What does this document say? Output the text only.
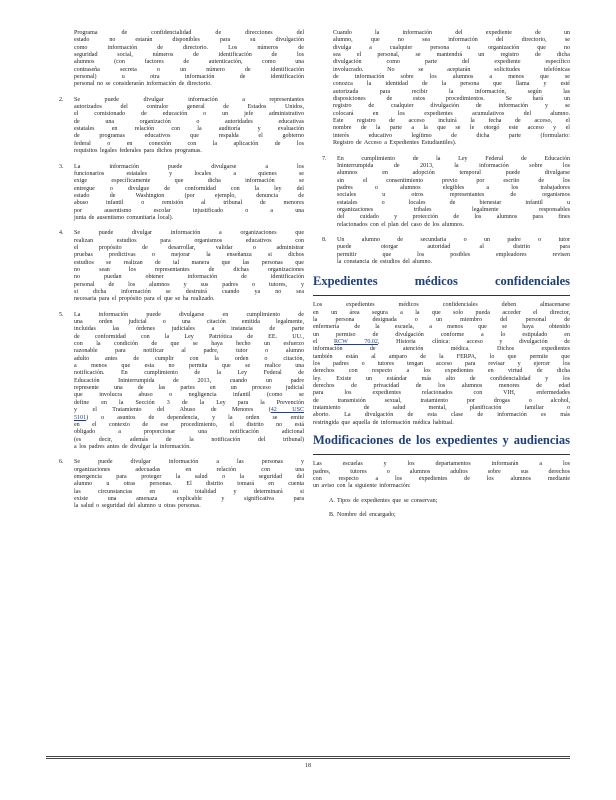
Programa de confidencialidad de direcciones del

estado no estarán disponibles para su divulgación

como información de directorio. Los números de

seguridad social, números de identificación de los

alumnos (con factores de autenticación, como una

contraseña secreta o un número de identificación

personal) u otra información de identificación

personal no se considerarán información de directorio.

2. Se puede divulgar información a representantes

autorizados del contralor general de Estados Unidos,

el comisionado de educación o un jefe administrativo

de una organización o autoridades educativas

estatales en relación con la auditoría y evaluación

de programas educativos que respalda el gobierno

federal o en conexión con la aplicación de los

requisitos legales federales para dichos programas.

3. La información puede divulgarse a los

funcionarios estatales y locales a quienes se

exige específicamente que dicha información se

entregue o divulgue de conformidad con la ley del

estado de Washington (por ejemplo, denuncia de

abuso infantil o remisión al tribunal de menores

por ausentismo escolar injustificado o a una

junta de ausentismo comunitaria local).

4. Se puede divulgar información a organizaciones que

realizan estudios para organismos educativos con

el propósito de desarrollar, validar o administrar

pruebas predictivas o mejorar la enseñanza si dichos

estudios se realizan de tal manera que las personas que

no sean los representantes de dichas organizaciones

no puedan obtener información de identificación

personal de los alumnos y sus padres o tutores, y

si dicha información se destruirá cuando ya no sea

necesaria para el propósito para el que se ha realizado.

5. La información puede divulgarse en cumplimiento de

una orden judicial o una citación emitida legalmente,

incluidas las órdenes judiciales a instancia de parte

de conformidad con la Ley Patriótica de EE. UU.,

con la condición de que se haya hecho un esfuerzo

razonable para notificar al padre, tutor o alumno

adulto antes de cumplir con la orden o citación,

a menos que esta no permita que se realice una

notificación. En cumplimiento de la Ley Federal de

Educación Ininterrumpida de 2013, cuando un padre

represente una de las partes en un proceso judicial

que involucra abuso o negligencia infantil (como se

define en la Sección 3 de la Ley para la Prevención

y el Tratamiento del Abuso de Menores (42 USC

5101) o asuntos de dependencia, y la orden se emite

en el contexto de ese procedimiento, el distrito no está

obligado a proporcionar una notificación adicional

(es decir, además de la notificación del tribunal)

a los padres antes de divulgar la información.

6. Se puede divulgar información a las personas y

organizaciones adecuadas en relación con una

emergencia para proteger la salud o la seguridad del

alumno u otras personas. El distrito tomará en cuenta

las circunstancias en su totalidad y determinará si

existe una amenaza explicable y significativa para

la salud o seguridad del alumno u otras personas.

Cuando la información del expediente de un

alumno, que no sea información del directorio, se

divulga a cualquier persona u organización que no

sea el personal, se mantendrá un registro de dicha

divulgación como parte del expediente específico

involucrado. No se aceptarán solicitudes telefónicas

de información sobre los alumnos a menos que se

conozca la identidad de la persona que llama y esté

autorizada para recibir la información, según las

disposiciones de estos procedimientos. Se hará un

registro de cualquier divulgación de información y se

colocará en los expedientes acumulativos del alumno.

Este registro de acceso incluirá la fecha de acceso, el

nombre de la parte a la que se le otorgó este acceso y el

interés educativo legítimo de dicha parte (formulario:

Registro de Acceso a Expedientes Estudiantiles).

7. En cumplimiento de la Ley Federal de Educación

Ininterrumpida de 2013, la información sobre los

alumnos en adopción temporal puede divulgarse

sin el consentimiento previo por escrito de los

padres o alumnos elegibles a los trabajadores

sociales u otros representantes de organismos

estatales o locales de bienestar infantil u

organizaciones tribales legalmente responsables

del cuidado y protección de los alumnos para fines

relacionados con el plan del caso de los alumnos.

8. Un alumno de secundaria o un padre o tutor

puede otorgar autoridad al distrito para

permitir que los posibles empleadores revisen

la constancia de estudios del alumno.

Expedientes médicos confidenciales

Los expedientes médicos confidenciales deben almacenarse

en un área segura a la que solo pueda acceder el director,

la persona designada o un miembro del personal de

enfermería de la escuela, a menos que se haya obtenido

un permiso de divulgación conforme a lo estipulado en

el RCW 70.02, Historia clínica: acceso y divulgación de

información de atención médica. Dichos expedientes

también están al amparo de la FERPA, lo que permite que

los padres o tutores tengan acceso para revisar y ejercer los

derechos con respecto a los expedientes en virtud de dicha

ley. Existe un estándar más alto de confidencialidad y los

derechos de privacidad de los alumnos menores de edad

para los expedientes relacionados con VIH, enfermedades

de transmisión sexual, tratamiento por drogas o alcohol,

tratamiento de salud mental, planificación familiar o

aborto. La divulgación de esta clase de información es más

restringida que aquella de información médica habitual.

Modificaciones de los expedientes y audiencias

Las escuelas y los departamentos informarán a los

padres, tutores o alumnos adultos sobre sus derechos

con respecto a los expedientes de los alumnos mediante

un aviso con la siguiente información:

A. Tipos de expedientes que se conservan;

B. Nombre del encargado;

18
